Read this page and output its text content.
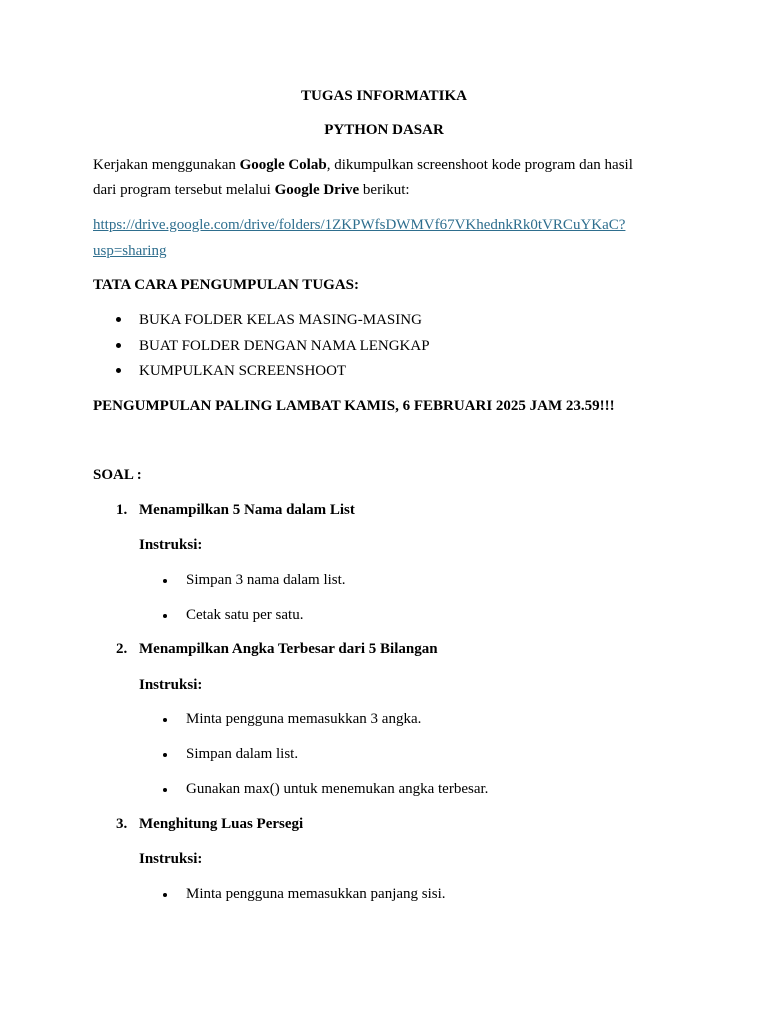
TUGAS INFORMATIKA
PYTHON DASAR
Kerjakan menggunakan Google Colab, dikumpulkan screenshoot kode program dan hasil
dari program tersebut melalui Google Drive berikut:
https://drive.google.com/drive/folders/1ZKPWfsDWMVf67VKhednkRk0tVRCuYKaC?
usp=sharing
TATA CARA PENGUMPULAN TUGAS:
BUKA FOLDER KELAS MASING-MASING
BUAT FOLDER DENGAN NAMA LENGKAP
KUMPULKAN SCREENSHOOT
PENGUMPULAN PALING LAMBAT KAMIS, 6 FEBRUARI 2025 JAM 23.59!!!
SOAL :
1. Menampilkan 5 Nama dalam List
Instruksi:
Simpan 3 nama dalam list.
Cetak satu per satu.
2. Menampilkan Angka Terbesar dari 5 Bilangan
Instruksi:
Minta pengguna memasukkan 3 angka.
Simpan dalam list.
Gunakan max() untuk menemukan angka terbesar.
3. Menghitung Luas Persegi
Instruksi:
Minta pengguna memasukkan panjang sisi.
